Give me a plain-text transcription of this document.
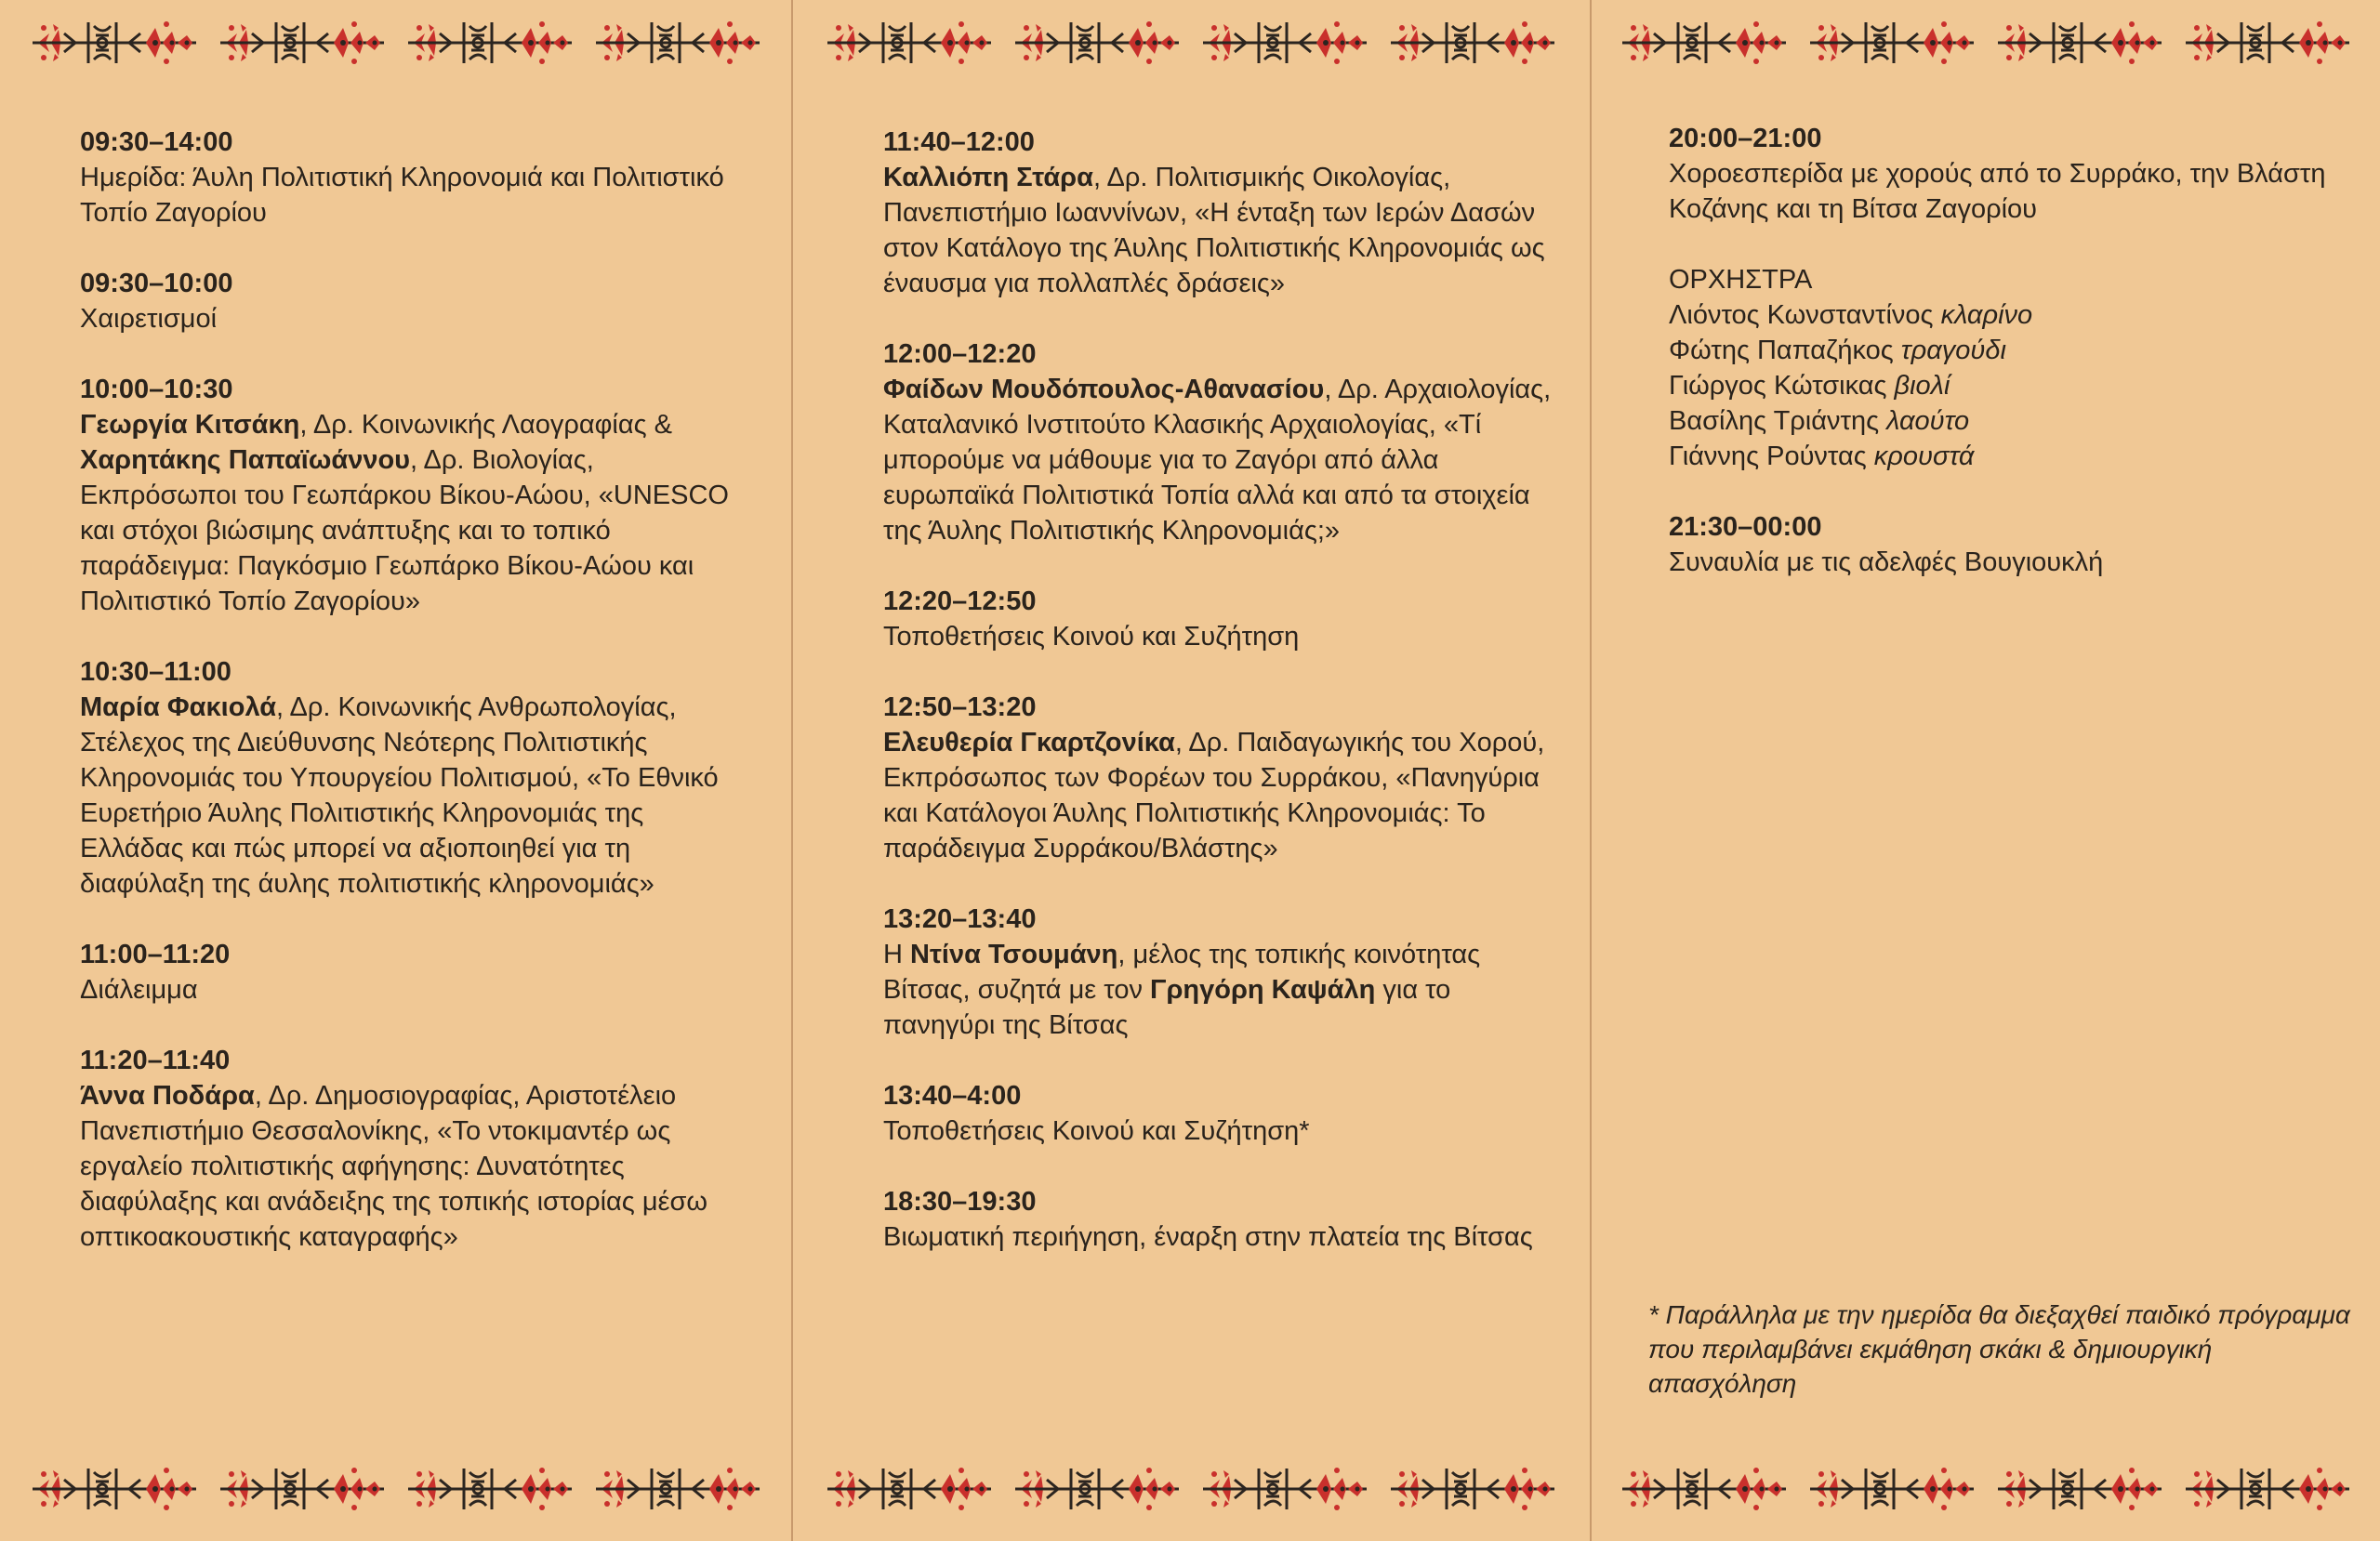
09:30–14:00
Ημερίδα: Άυλη Πολιτιστική Κληρονομιά και Πολιτιστικό Τοπίο Ζαγορίου
09:30–10:00
Χαιρετισμοί
10:00–10:30
Γεωργία Κιτσάκη, Δρ. Κοινωνικής Λαογραφίας & Χαρητάκης Παπαϊωάννου, Δρ. Βιολογίας, Εκπρόσωποι του Γεωπάρκου Βίκου-Αώου, «UNESCO και στόχοι βιώσιμης ανάπτυξης και το τοπικό παράδειγμα: Παγκόσμιο Γεωπάρκο Βίκου-Αώου και Πολιτιστικό Τοπίο Ζαγορίου»
10:30–11:00
Μαρία Φακιολά, Δρ. Κοινωνικής Ανθρωπολογίας, Στέλεχος της Διεύθυνσης Νεότερης Πολιτιστικής Κληρονομιάς του Υπουργείου Πολιτισμού, «Το Εθνικό Ευρετήριο Άυλης Πολιτιστικής Κληρονομιάς της Ελλάδας και πώς μπορεί να αξιοποιηθεί για τη διαφύλαξη της άυλης πολιτιστικής κληρονομιάς»
11:00–11:20
Διάλειμμα
11:20–11:40
Άννα Ποδάρα, Δρ. Δημοσιογραφίας, Αριστοτέλειο Πανεπιστήμιο Θεσσαλονίκης, «Το ντοκιμαντέρ ως εργαλείο πολιτιστικής αφήγησης: Δυνατότητες διαφύλαξης και ανάδειξης της τοπικής ιστορίας μέσω οπτικοακουστικής καταγραφής»
11:40–12:00
Καλλιόπη Στάρα, Δρ. Πολιτισμικής Οικολογίας, Πανεπιστήμιο Ιωαννίνων, «Η ένταξη των Ιερών Δασών στον Κατάλογο της Άυλης Πολιτιστικής Κληρονομιάς ως έναυσμα για πολλαπλές δράσεις»
12:00–12:20
Φαίδων Μουδόπουλος-Αθανασίου, Δρ. Αρχαιολογίας, Καταλανικό Ινστιτούτο Κλασικής Αρχαιολογίας, «Τί μπορούμε να μάθουμε για το Ζαγόρι από άλλα ευρωπαϊκά Πολιτιστικά Τοπία αλλά και από τα στοιχεία της Άυλης Πολιτιστικής Κληρονομιάς;»
12:20–12:50
Τοποθετήσεις Κοινού και Συζήτηση
12:50–13:20
Ελευθερία Γκαρτζονίκα, Δρ. Παιδαγωγικής του Χορού, Εκπρόσωπος των Φορέων του Συρράκου, «Πανηγύρια και Κατάλογοι Άυλης Πολιτιστικής Κληρονομιάς: Το παράδειγμα Συρράκου/Βλάστης»
13:20–13:40
Η Ντίνα Τσουμάνη, μέλος της τοπικής κοινότητας Βίτσας, συζητά με τον Γρηγόρη Καψάλη για το πανηγύρι της Βίτσας
13:40–4:00
Τοποθετήσεις Κοινού και Συζήτηση*
18:30–19:30
Βιωματική περιήγηση, έναρξη στην πλατεία της Βίτσας
20:00–21:00
Χοροεσπερίδα με χορούς από το Συρράκο, την Βλάστη Κοζάνης και τη Βίτσα Ζαγορίου
ΟΡΧΗΣΤΡΑ
Λιόντος Κωνσταντίνος κλαρίνο
Φώτης Παπαζήκος τραγούδι
Γιώργος Κώτσικας βιολί
Βασίλης Τριάντης λαούτο
Γιάννης Ρούντας κρουστά
21:30–00:00
Συναυλία με τις αδελφές Βουγιουκλή
* Παράλληλα με την ημερίδα θα διεξαχθεί παιδικό πρόγραμμα που περιλαμβάνει εκμάθηση σκάκι & δημιουργική απασχόληση
